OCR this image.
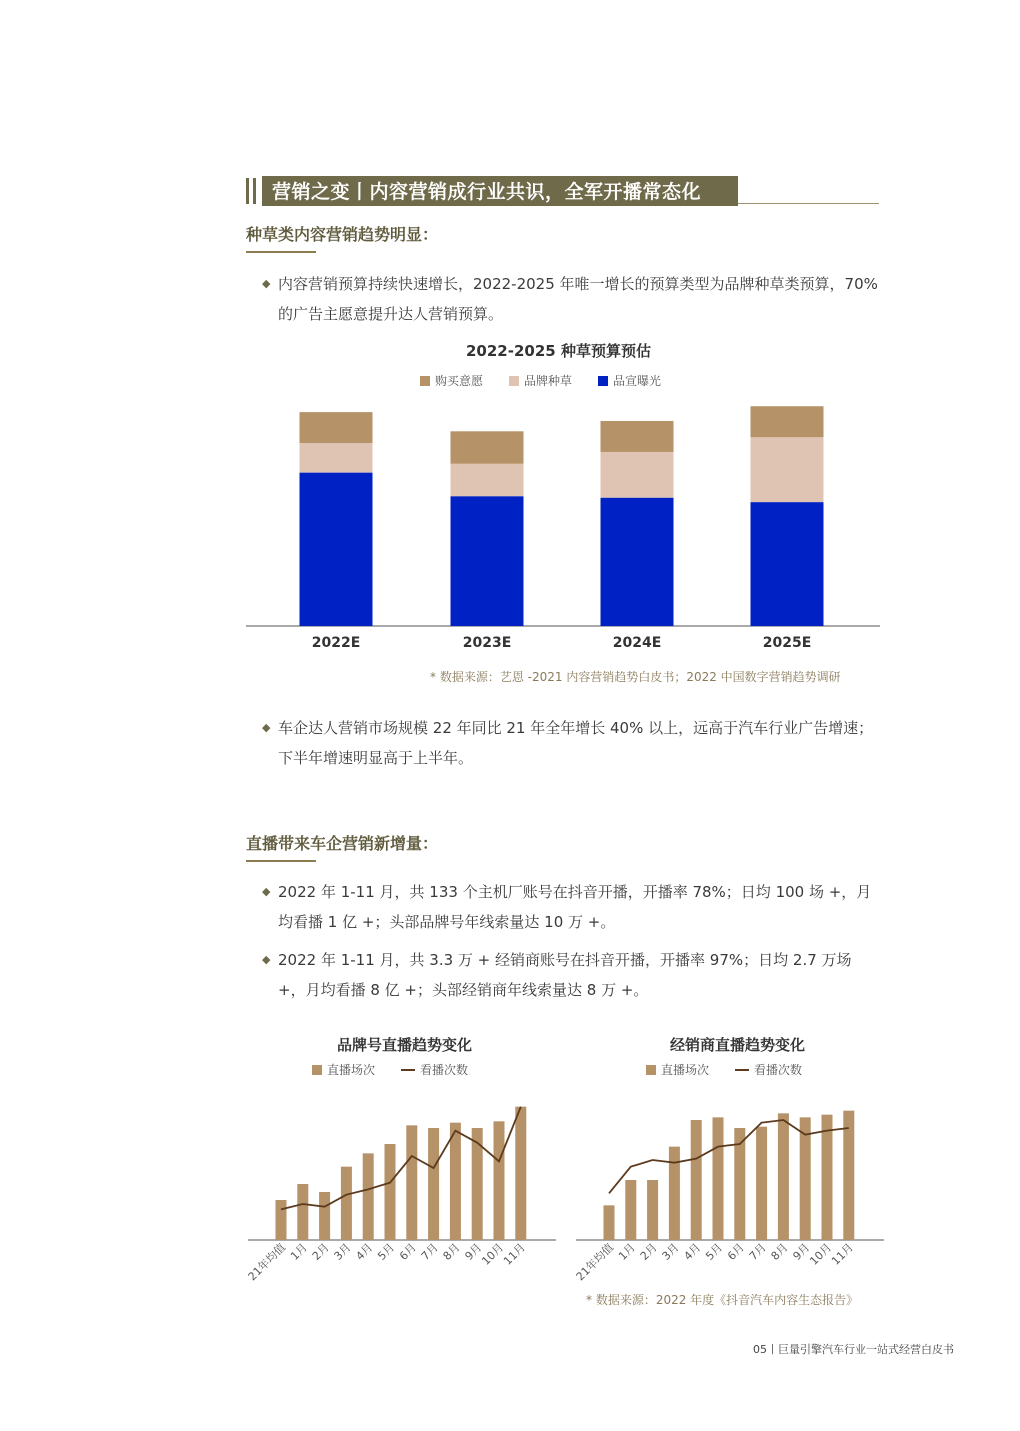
营销之变丨内容营销成行业共识，全军开播常态化
种草类内容营销趋势明显：
◆ 内容营销预算持续快速增长，2022-2025 年唯一增长的预算类型为品牌种草类预算，70% 的广告主愿意提升达人营销预算。
2022-2025 种草预算预估
购买意愿	品牌种草	品宣曝光
2022E	2023E	2024E	2025E
* 数据来源：艺恩 -2021 内容营销趋势白皮书；2022 中国数字营销趋势调研
◆ 车企达人营销市场规模 22 年同比 21 年全年增长 40% 以上，远高于汽车行业广告增速；下半年增速明显高于上半年。
直播带来车企营销新增量：
◆ 2022 年 1-11 月，共 133 个主机厂账号在抖音开播，开播率 78%；日均 100 场 +，月均看播 1 亿 +；头部品牌号年线索量达 10 万 +。
◆ 2022 年 1-11 月，共 3.3 万 + 经销商账号在抖音开播，开播率 97%；日均 2.7 万场 +，月均看播 8 亿 +；头部经销商年线索量达 8 万 +。
品牌号直播趋势变化
直播场次	看播次数
21年均值 1月 2月 3月 4月 5月 6月 7月 8月 9月
10月
11月
经销商直播趋势变化
直播场次	看播次数
21年均值 1月 2月 3月 4月 5月 6月 7月 8月 9月
10月
11月
* 数据来源：2022 年度《抖音汽车内容生态报告》
05丨巨量引擎汽车行业一站式经营白皮书
